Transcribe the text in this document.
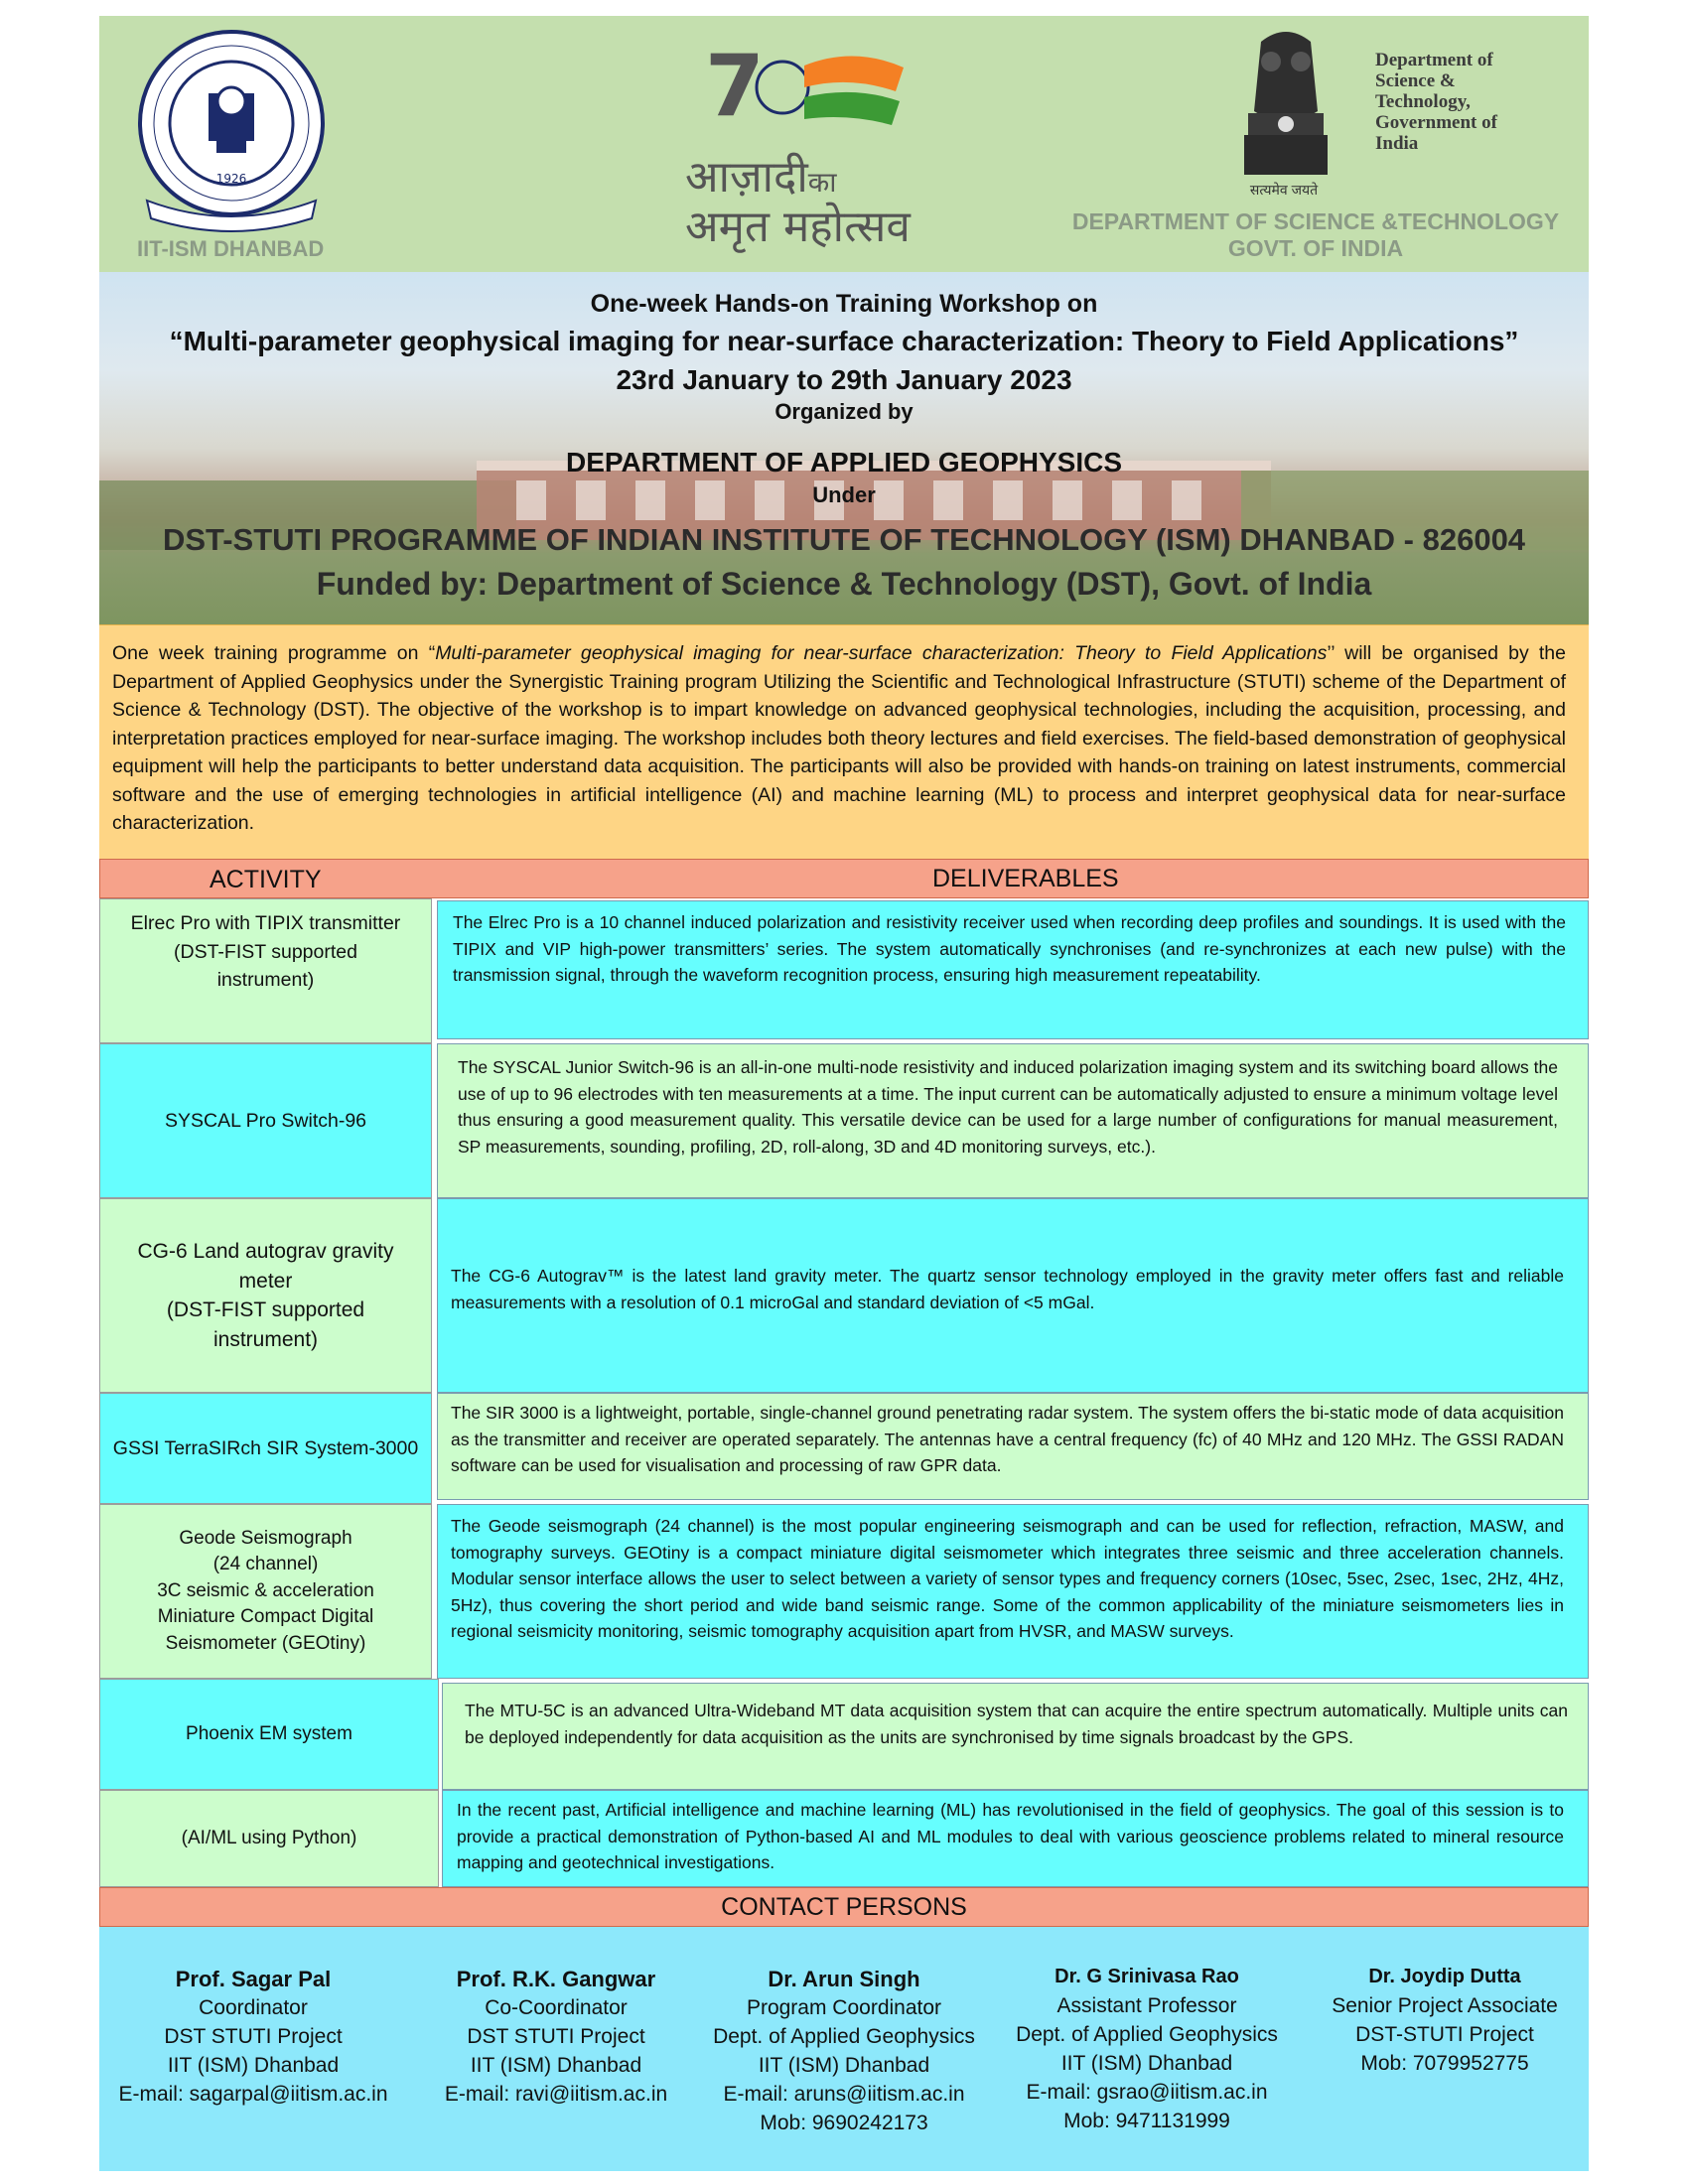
1926
IIT-ISM DHANBAD
7
आज़ादीका
अमृत महोत्सव
सत्यमेव जयते
Department of
Science &
Technology,
Government of
India
DEPARTMENT OF SCIENCE &TECHNOLOGY
GOVT. OF INDIA
One-week Hands-on Training Workshop on
“Multi-parameter geophysical imaging for near-surface characterization: Theory to Field Applications”
23rd January to 29th January 2023
Organized by
DEPARTMENT OF APPLIED GEOPHYSICS
Under
DST-STUTI PROGRAMME OF INDIAN INSTITUTE OF TECHNOLOGY (ISM) DHANBAD - 826004
Funded by: Department of Science & Technology (DST), Govt. of India
One week training programme on “Multi-parameter geophysical imaging for near-surface characterization: Theory to Field Applications’’ will be organised by the Department of Applied Geophysics under the Synergistic Training program Utilizing the Scientific and Technological Infrastructure (STUTI) scheme of the Department of Science & Technology (DST). The objective of the workshop is to impart knowledge on advanced geophysical technologies, including the acquisition, processing, and interpretation practices employed for near-surface imaging. The workshop includes both theory lectures and field exercises. The field-based demonstration of geophysical equipment will help the participants to better understand data acquisition. The participants will also be provided with hands-on training on latest instruments, commercial software and the use of emerging technologies in artificial intelligence (AI) and machine learning (ML) to process and interpret geophysical data for near-surface characterization.
ACTIVITY	DELIVERABLES
Elrec Pro with TIPIX transmitter
(DST-FIST supported
instrument)
The Elrec Pro is a 10 channel induced polarization and resistivity receiver used when recording deep profiles and soundings. It is used with the TIPIX and VIP high-power transmitters’ series. The system automatically synchronises (and re-synchronizes at each new pulse) with the transmission signal, through the waveform recognition process, ensuring high measurement repeatability.
SYSCAL Pro Switch-96
The SYSCAL Junior Switch-96 is an all-in-one multi-node resistivity and induced polarization imaging system and its switching board allows the use of up to 96 electrodes with ten measurements at a time. The input current can be automatically adjusted to ensure a minimum voltage level thus ensuring a good measurement quality. This versatile device can be used for a large number of configurations for manual measurement, SP measurements, sounding, profiling, 2D, roll-along, 3D and 4D monitoring surveys, etc.).
CG-6 Land autograv gravity
meter
(DST-FIST supported
instrument)
The CG-6 Autograv™ is the latest land gravity meter. The quartz sensor technology employed in the gravity meter offers fast and reliable measurements with a resolution of 0.1 microGal and standard deviation of <5 mGal.
GSSI TerraSIRch SIR System-3000
The SIR 3000 is a lightweight, portable, single-channel ground penetrating radar system. The system offers the bi-static mode of data acquisition as the transmitter and receiver are operated separately. The antennas have a central frequency (fc) of 40 MHz and 120 MHz. The GSSI RADAN software can be used for visualisation and processing of raw GPR data.
Geode Seismograph
(24 channel)
3C seismic & acceleration
Miniature Compact Digital
Seismometer (GEOtiny)
The Geode seismograph (24 channel) is the most popular engineering seismograph and can be used for reflection, refraction, MASW, and tomography surveys. GEOtiny is a compact miniature digital seismometer which integrates three seismic and three acceleration channels. Modular sensor interface allows the user to select between a variety of sensor types and frequency corners (10sec, 5sec, 2sec, 1sec, 2Hz, 4Hz, 5Hz), thus covering the short period and wide band seismic range. Some of the common applicability of the miniature seismometers lies in regional seismicity monitoring, seismic tomography acquisition apart from HVSR, and MASW surveys.
Phoenix EM system
The MTU-5C is an advanced Ultra-Wideband MT data acquisition system that can acquire the entire spectrum automatically. Multiple units can be deployed independently for data acquisition as the units are synchronised by time signals broadcast by the GPS.
(AI/ML using Python)
In the recent past, Artificial intelligence and machine learning (ML) has revolutionised in the field of geophysics. The goal of this session is to provide a practical demonstration of Python-based AI and ML modules to deal with various geoscience problems related to mineral resource mapping and geotechnical investigations.
CONTACT PERSONS
Prof. Sagar Pal
Coordinator
DST STUTI Project
IIT (ISM) Dhanbad
E-mail: sagarpal@iitism.ac.in
Prof. R.K. Gangwar
Co-Coordinator
DST STUTI Project
IIT (ISM) Dhanbad
E-mail: ravi@iitism.ac.in
Dr. Arun Singh
Program Coordinator
Dept. of Applied Geophysics
IIT (ISM) Dhanbad
E-mail: aruns@iitism.ac.in
Mob: 9690242173
Dr. G Srinivasa Rao
Assistant Professor
Dept. of Applied Geophysics
IIT (ISM) Dhanbad
E-mail: gsrao@iitism.ac.in
Mob: 9471131999
Dr. Joydip Dutta
Senior Project Associate
DST-STUTI Project
Mob: 7079952775
